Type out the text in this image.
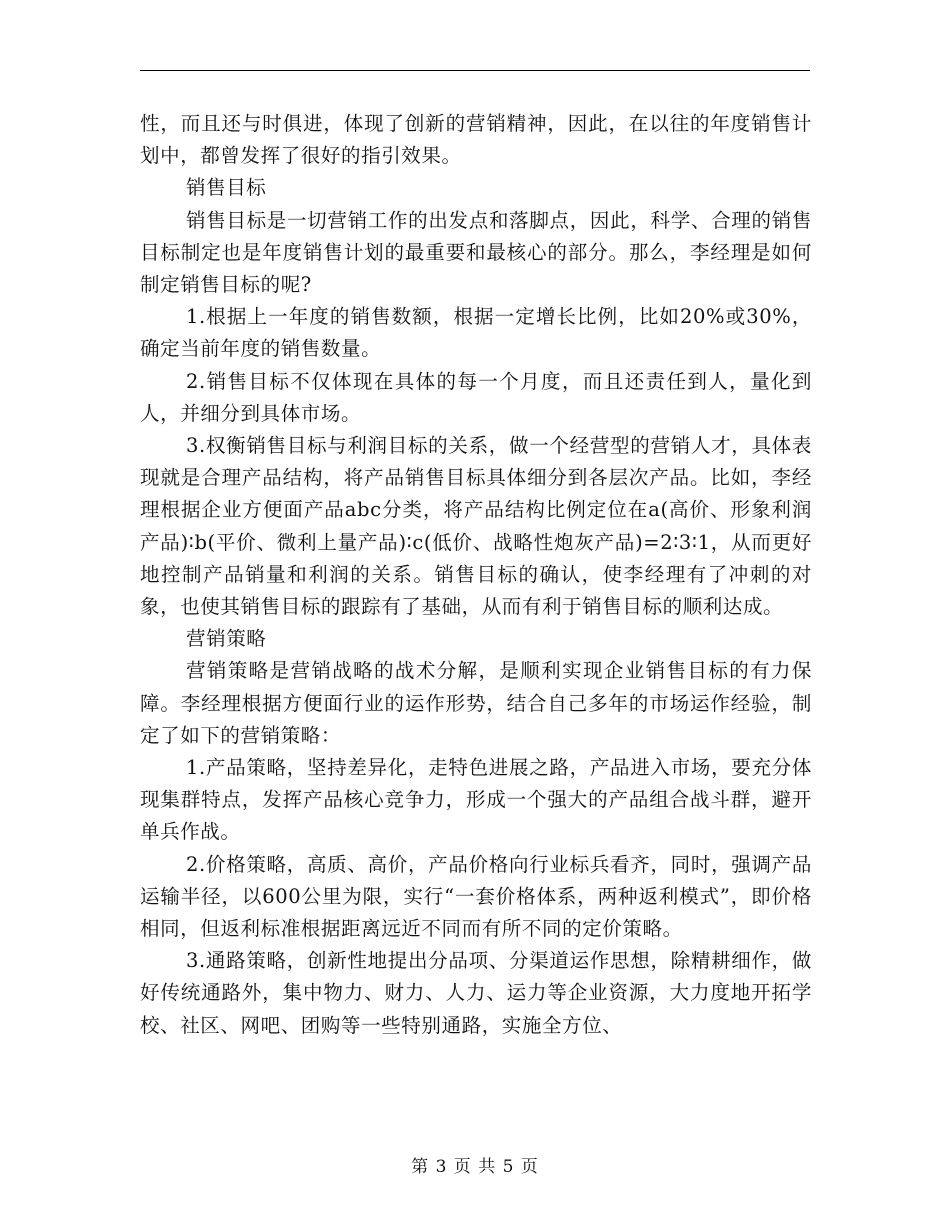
性，而且还与时俱进，体现了创新的营销精神，因此，在以往的年度销售计划中，都曾发挥了很好的指引效果。

销售目标

销售目标是一切营销工作的出发点和落脚点，因此，科学、合理的销售目标制定也是年度销售计划的最重要和最核心的部分。那么，李经理是如何制定销售目标的呢?

1.根据上一年度的销售数额，根据一定增长比例，比如20%或30%，确定当前年度的销售数量。

2.销售目标不仅体现在具体的每一个月度，而且还责任到人，量化到人，并细分到具体市场。

3.权衡销售目标与利润目标的关系，做一个经营型的营销人才，具体表现就是合理产品结构，将产品销售目标具体细分到各层次产品。比如，李经理根据企业方便面产品abc分类，将产品结构比例定位在a(高价、形象利润产品)∶b(平价、微利上量产品)∶c(低价、战略性炮灰产品)=2∶3∶1，从而更好地控制产品销量和利润的关系。销售目标的确认，使李经理有了冲刺的对象，也使其销售目标的跟踪有了基础，从而有利于销售目标的顺利达成。

营销策略

营销策略是营销战略的战术分解，是顺利实现企业销售目标的有力保障。李经理根据方便面行业的运作形势，结合自己多年的市场运作经验，制定了如下的营销策略：

1.产品策略，坚持差异化，走特色进展之路，产品进入市场，要充分体现集群特点，发挥产品核心竞争力，形成一个强大的产品组合战斗群，避开单兵作战。

2.价格策略，高质、高价，产品价格向行业标兵看齐，同时，强调产品运输半径，以600公里为限，实行“一套价格体系，两种返利模式”，即价格相同，但返利标准根据距离远近不同而有所不同的定价策略。

3.通路策略，创新性地提出分品项、分渠道运作思想，除精耕细作，做好传统通路外，集中物力、财力、人力、运力等企业资源，大力度地开拓学校、社区、网吧、团购等一些特别通路，实施全方位、

第 3 页 共 5 页
